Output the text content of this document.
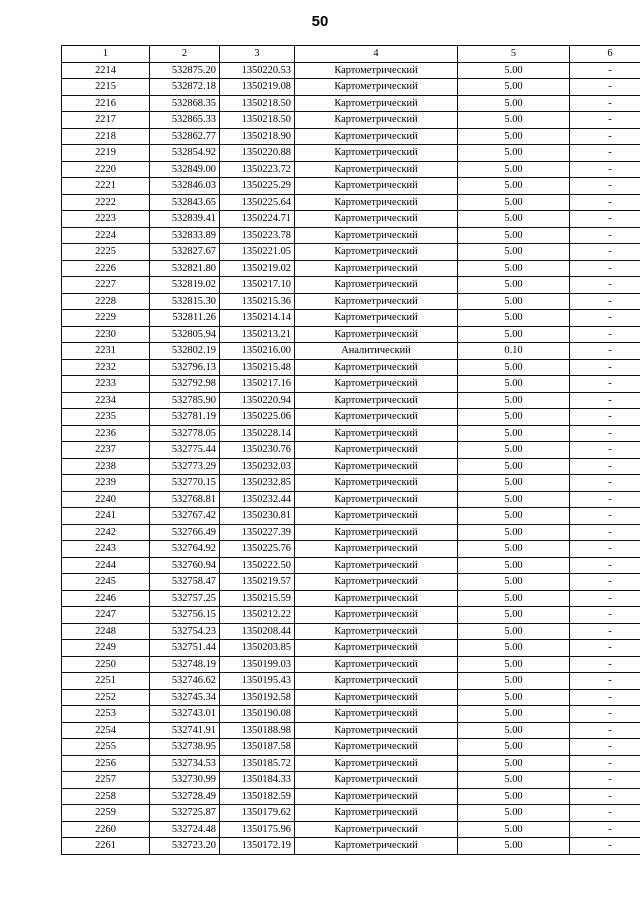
50
1	2	3	4	5	6
2214	532875.20	1350220.53	Картометрический	5.00	-
2215	532872.18	1350219.08	Картометрический	5.00	-
2216	532868.35	1350218.50	Картометрический	5.00	-
2217	532865.33	1350218.50	Картометрический	5.00	-
2218	532862.77	1350218.90	Картометрический	5.00	-
2219	532854.92	1350220.88	Картометрический	5.00	-
2220	532849.00	1350223.72	Картометрический	5.00	-
2221	532846.03	1350225.29	Картометрический	5.00	-
2222	532843.65	1350225.64	Картометрический	5.00	-
2223	532839.41	1350224.71	Картометрический	5.00	-
2224	532833.89	1350223.78	Картометрический	5.00	-
2225	532827.67	1350221.05	Картометрический	5.00	-
2226	532821.80	1350219.02	Картометрический	5.00	-
2227	532819.02	1350217.10	Картометрический	5.00	-
2228	532815.30	1350215.36	Картометрический	5.00	-
2229	532811.26	1350214.14	Картометрический	5.00	-
2230	532805.94	1350213.21	Картометрический	5.00	-
2231	532802.19	1350216.00	Аналитический	0.10	-
2232	532796.13	1350215.48	Картометрический	5.00	-
2233	532792.98	1350217.16	Картометрический	5.00	-
2234	532785.90	1350220.94	Картометрический	5.00	-
2235	532781.19	1350225.06	Картометрический	5.00	-
2236	532778.05	1350228.14	Картометрический	5.00	-
2237	532775.44	1350230.76	Картометрический	5.00	-
2238	532773.29	1350232.03	Картометрический	5.00	-
2239	532770.15	1350232.85	Картометрический	5.00	-
2240	532768.81	1350232.44	Картометрический	5.00	-
2241	532767.42	1350230.81	Картометрический	5.00	-
2242	532766.49	1350227.39	Картометрический	5.00	-
2243	532764.92	1350225.76	Картометрический	5.00	-
2244	532760.94	1350222.50	Картометрический	5.00	-
2245	532758.47	1350219.57	Картометрический	5.00	-
2246	532757.25	1350215.59	Картометрический	5.00	-
2247	532756.15	1350212.22	Картометрический	5.00	-
2248	532754.23	1350208.44	Картометрический	5.00	-
2249	532751.44	1350203.85	Картометрический	5.00	-
2250	532748.19	1350199.03	Картометрический	5.00	-
2251	532746.62	1350195.43	Картометрический	5.00	-
2252	532745.34	1350192.58	Картометрический	5.00	-
2253	532743.01	1350190.08	Картометрический	5.00	-
2254	532741.91	1350188.98	Картометрический	5.00	-
2255	532738.95	1350187.58	Картометрический	5.00	-
2256	532734.53	1350185.72	Картометрический	5.00	-
2257	532730.99	1350184.33	Картометрический	5.00	-
2258	532728.49	1350182.59	Картометрический	5.00	-
2259	532725.87	1350179.62	Картометрический	5.00	-
2260	532724.48	1350175.96	Картометрический	5.00	-
2261	532723.20	1350172.19	Картометрический	5.00	-
